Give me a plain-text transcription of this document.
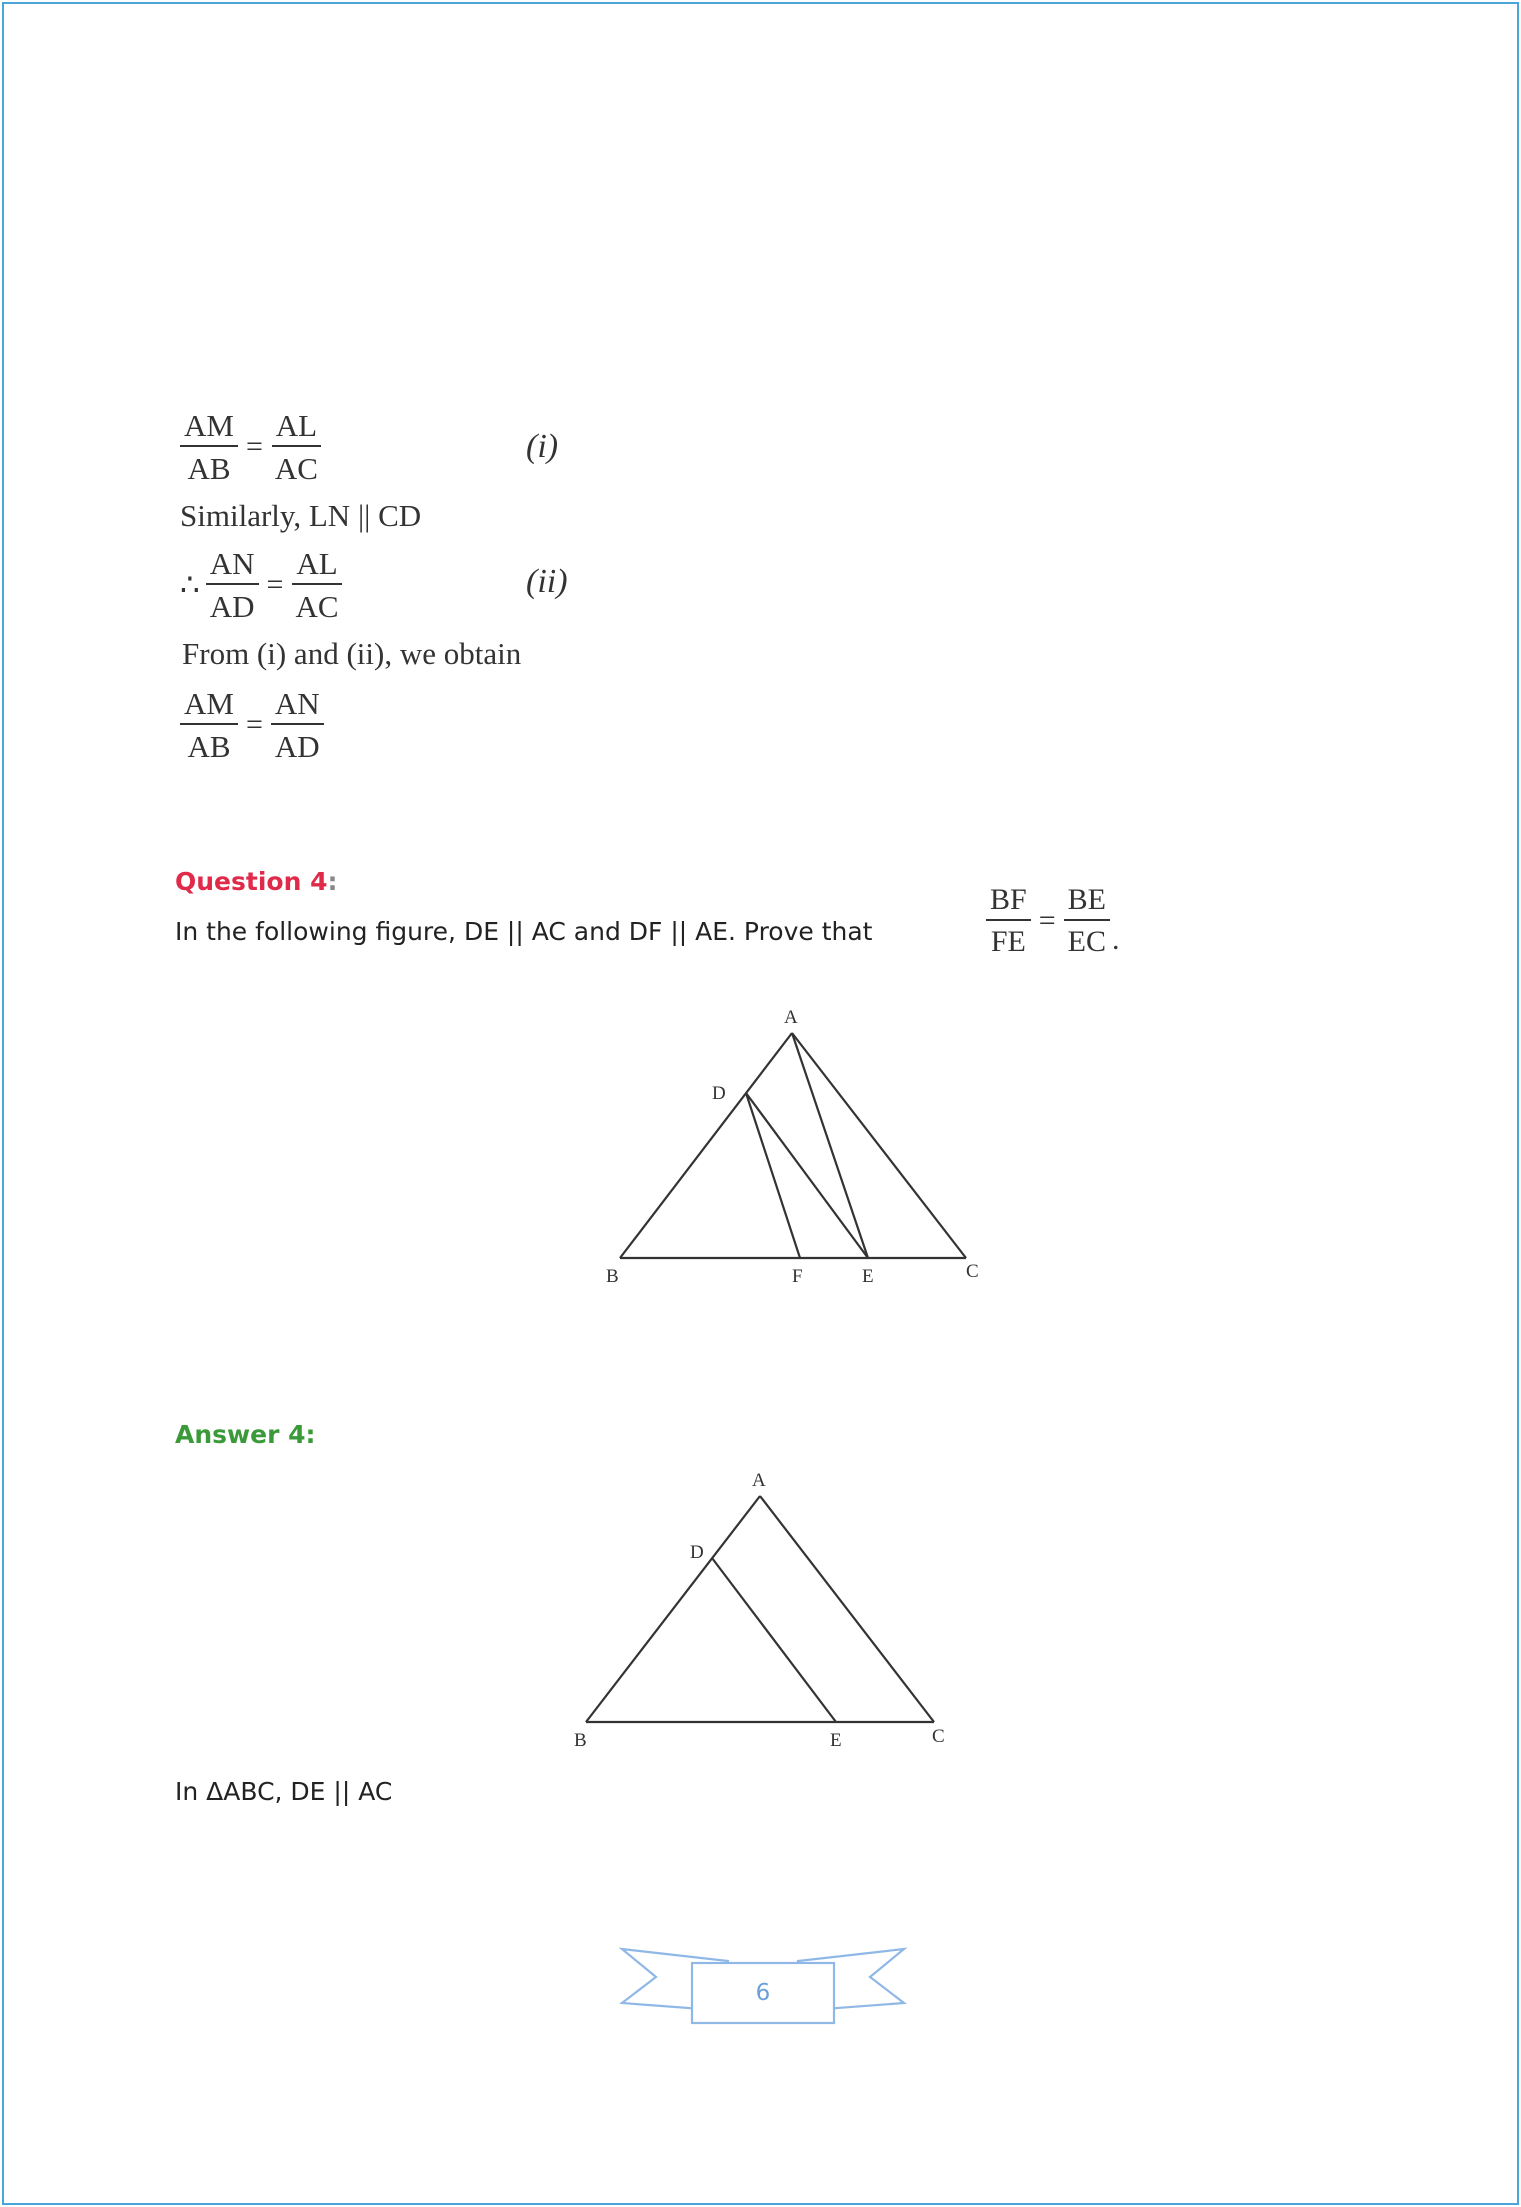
$\frac{AM}{AB} = \frac{AL}{AC}$	(i)
Similarly, LN || CD
∴ $\frac{AN}{AD} = \frac{AL}{AC}$	(ii)
From (i) and (ii), we obtain
$\frac{AM}{AB} = \frac{AN}{AD}$
Question 4:
In the following figure, DE || AC and DF || AE. Prove that	$\frac{BF}{FE} = \frac{BE}{EC}$ .
A
D
B	F	E	C
Answer 4:
A
D
B	E	C
In ΔABC, DE || AC
6
